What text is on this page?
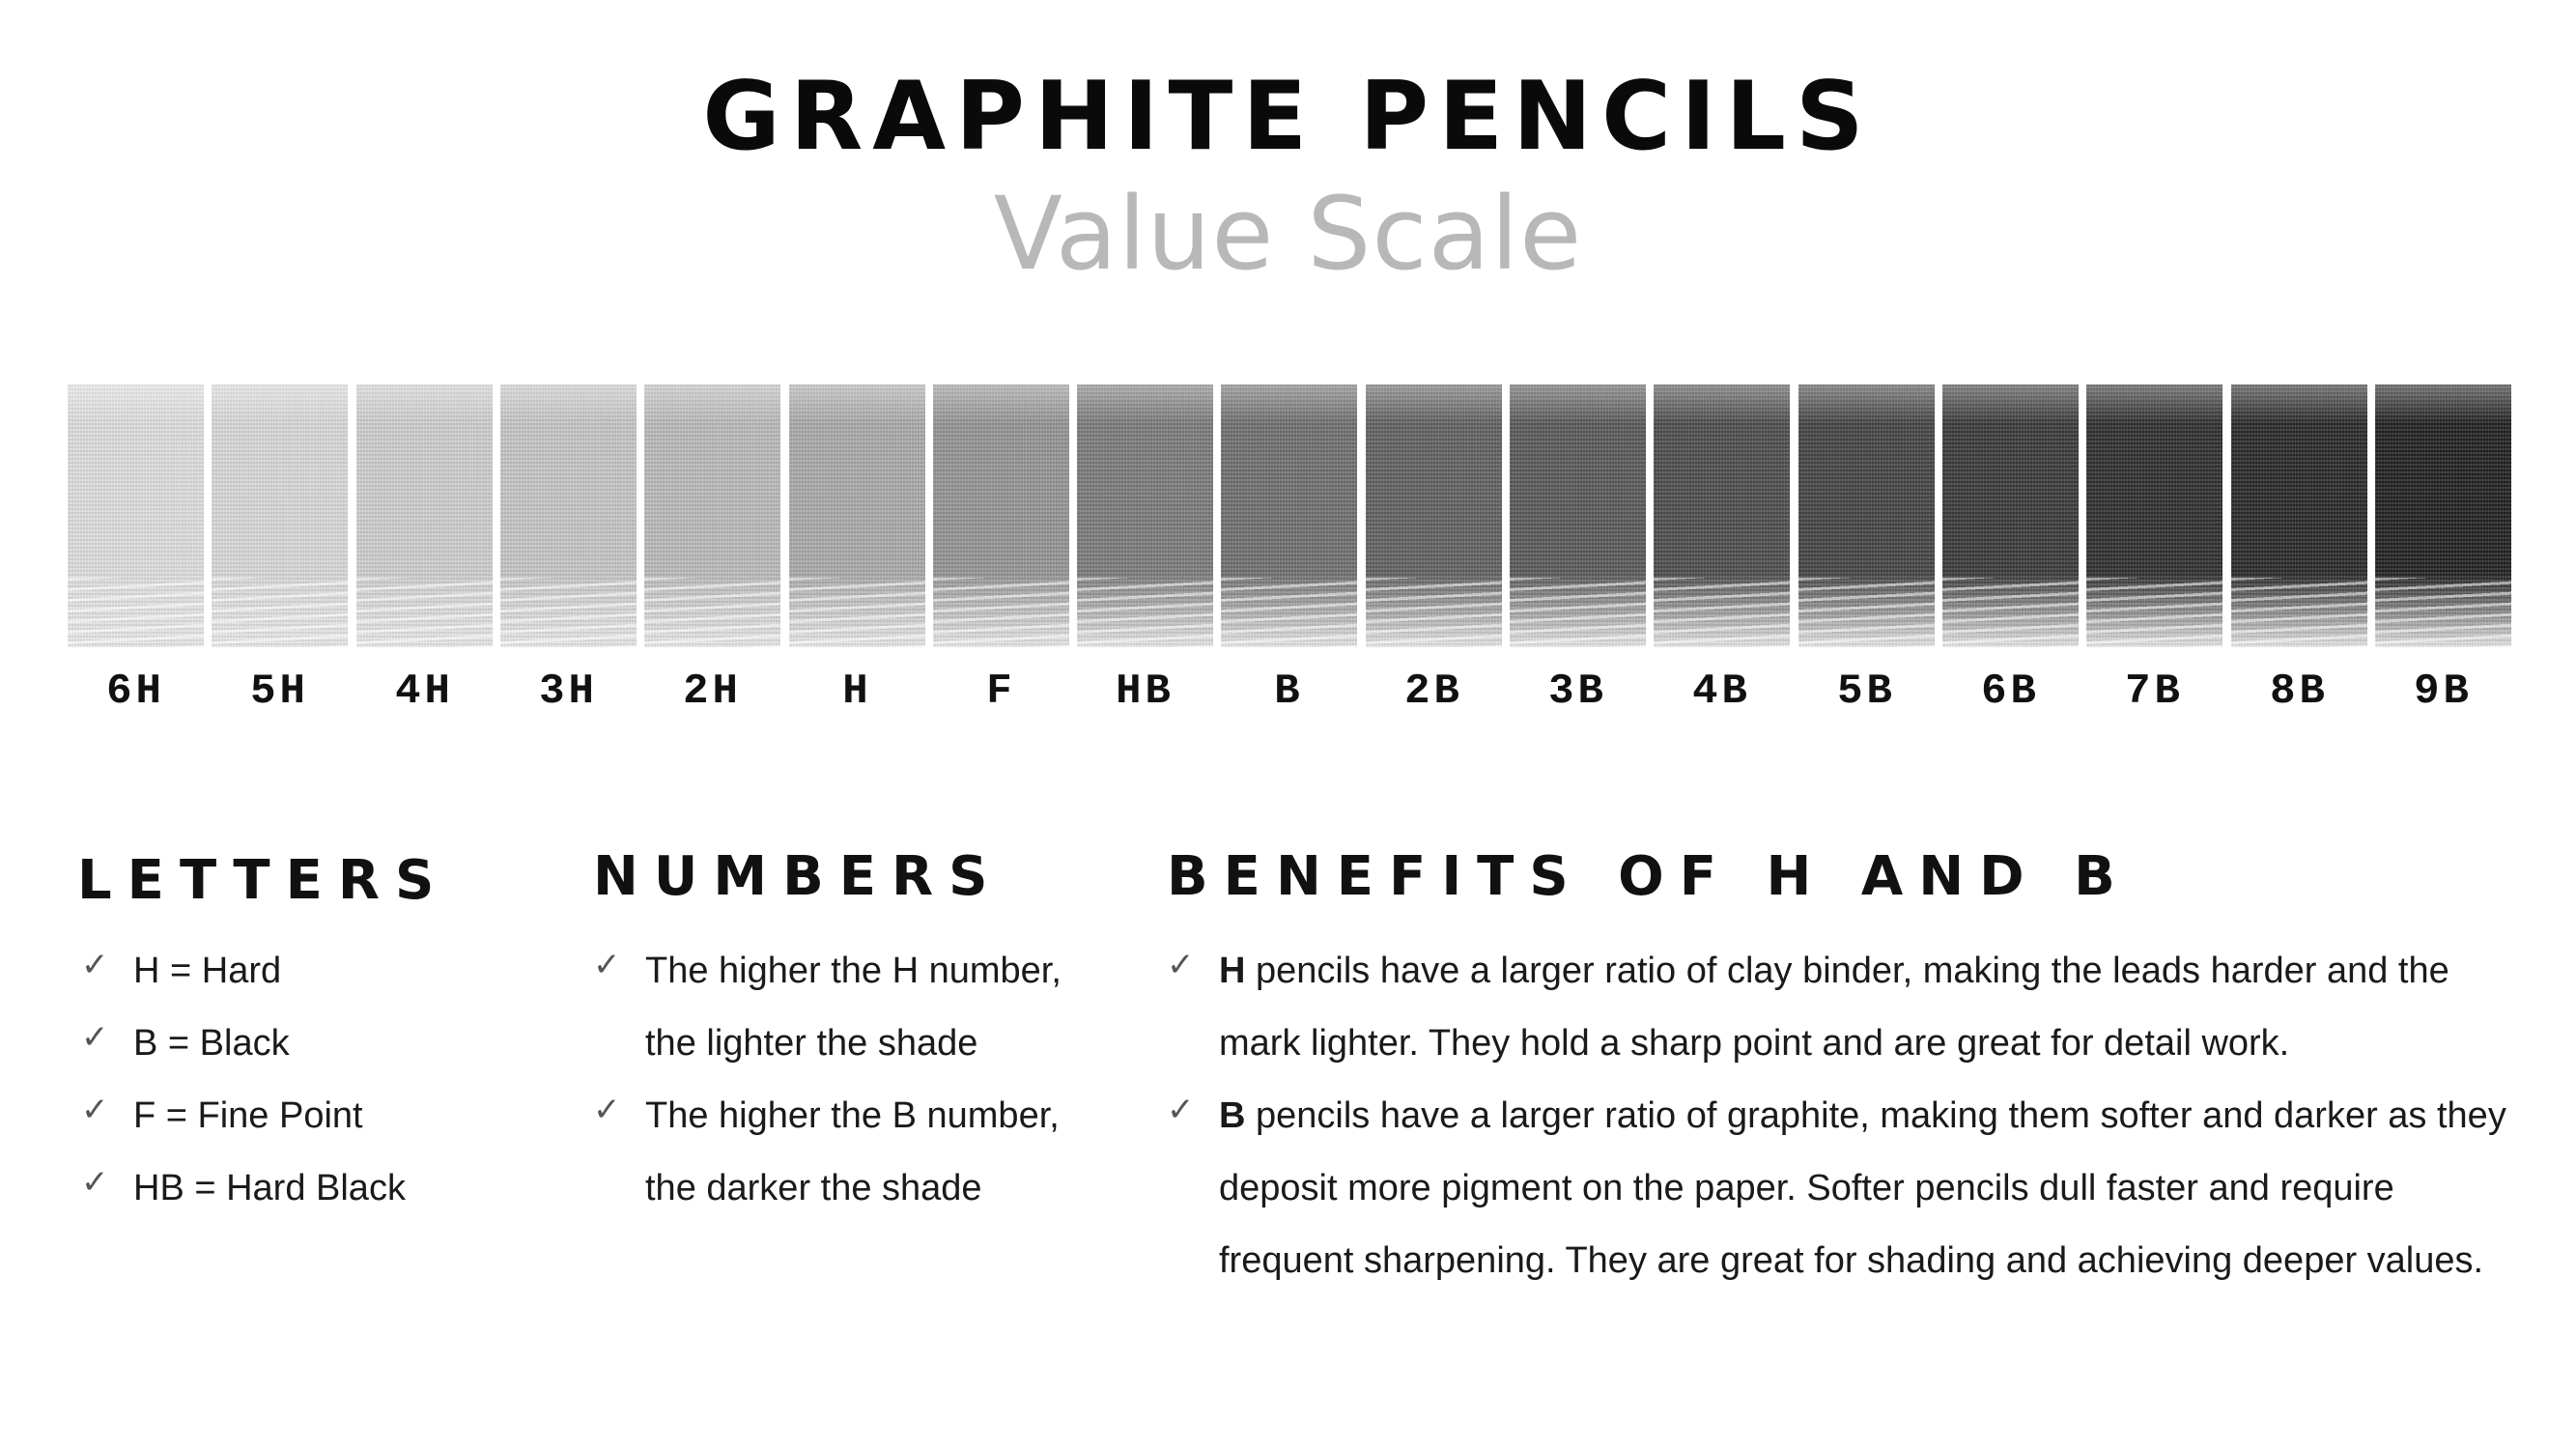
GRAPHITE PENCILS
Value Scale
6H	5H	4H	3H	2H	H	F	HB	B	2B	3B	4B	5B	6B	7B	8B	9B
LETTERS
✓ H = Hard
✓ B = Black
✓ F = Fine Point
✓ HB = Hard Black
NUMBERS
✓ The higher the H number, the lighter the shade
✓ The higher the B number, the darker the shade
BENEFITS OF H AND B
✓ H pencils have a larger ratio of clay binder, making the leads harder and the mark lighter. They hold a sharp point and are great for detail work.
✓ B pencils have a larger ratio of graphite, making them softer and darker as they deposit more pigment on the paper. Softer pencils dull faster and require frequent sharpening. They are great for shading and achieving deeper values.
